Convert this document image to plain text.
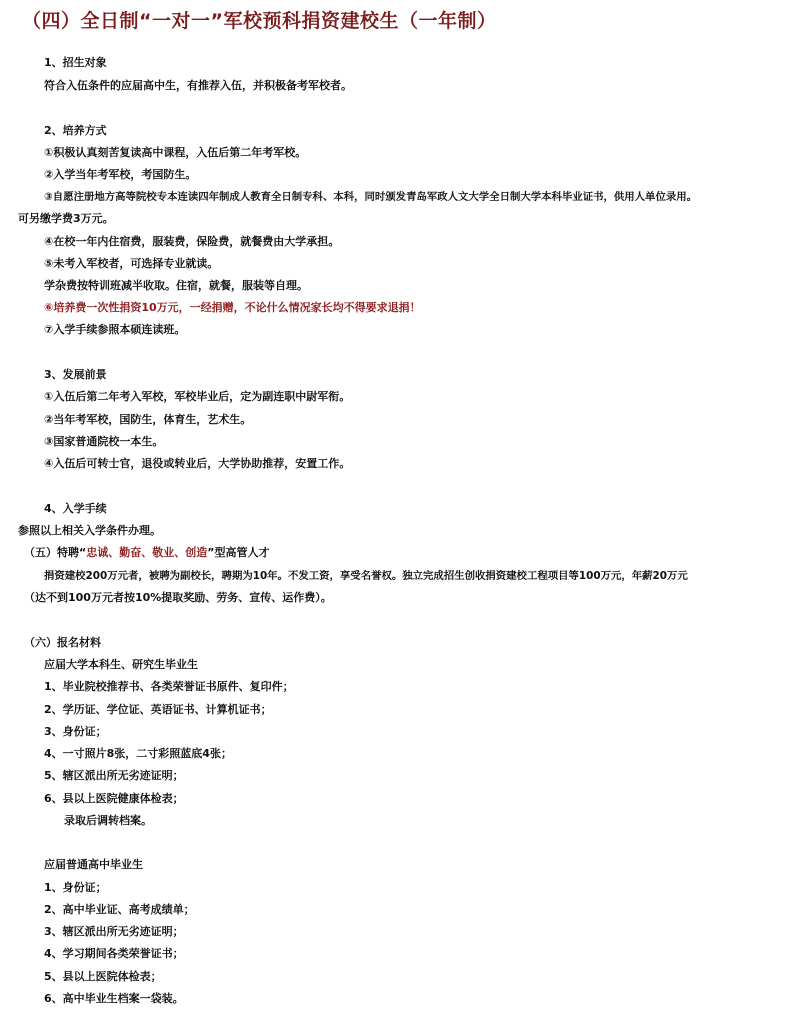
（四）全日制“一对一”军校预科捐资建校生（一年制）
1、招生对象
符合入伍条件的应届高中生，有推荐入伍，并积极备考军校者。
2、培养方式
①积极认真刻苦复读高中课程，入伍后第二年考军校。
②入学当年考军校，考国防生。
③自愿注册地方高等院校专本连读四年制成人教育全日制专科、本科，同时颁发青岛军政人文大学全日制大学本科毕业证书，供用人单位录用。
可另缴学费3万元。
④在校一年内住宿费，服装费，保险费，就餐费由大学承担。
⑤未考入军校者，可选择专业就读。
学杂费按特训班减半收取。住宿，就餐，服装等自理。
⑥培养费一次性捐资10万元，一经捐赠，不论什么情况家长均不得要求退捐！
⑦入学手续参照本硕连读班。
3、发展前景
①入伍后第二年考入军校，军校毕业后，定为副连职中尉军衔。
②当年考军校，国防生，体育生，艺术生。
③国家普通院校一本生。
④入伍后可转士官，退役或转业后，大学协助推荐，安置工作。
4、入学手续
参照以上相关入学条件办理。
（五）特聘“忠诚、勤奋、敬业、创造”型高管人才
捐资建校200万元者，被聘为副校长，聘期为10年。不发工资，享受名誉权。独立完成招生创收捐资建校工程项目等100万元，年薪20万元
（达不到100万元者按10%提取奖励、劳务、宣传、运作费）。
（六）报名材料
应届大学本科生、研究生毕业生
1、毕业院校推荐书、各类荣誉证书原件、复印件；
2、学历证、学位证、英语证书、计算机证书；
3、身份证；
4、一寸照片8张，二寸彩照蓝底4张；
5、辖区派出所无劣迹证明；
6、县以上医院健康体检表；
录取后调转档案。
应届普通高中毕业生
1、身份证；
2、高中毕业证、高考成绩单；
3、辖区派出所无劣迹证明；
4、学习期间各类荣誉证书；
5、县以上医院体检表；
6、高中毕业生档案一袋装。
